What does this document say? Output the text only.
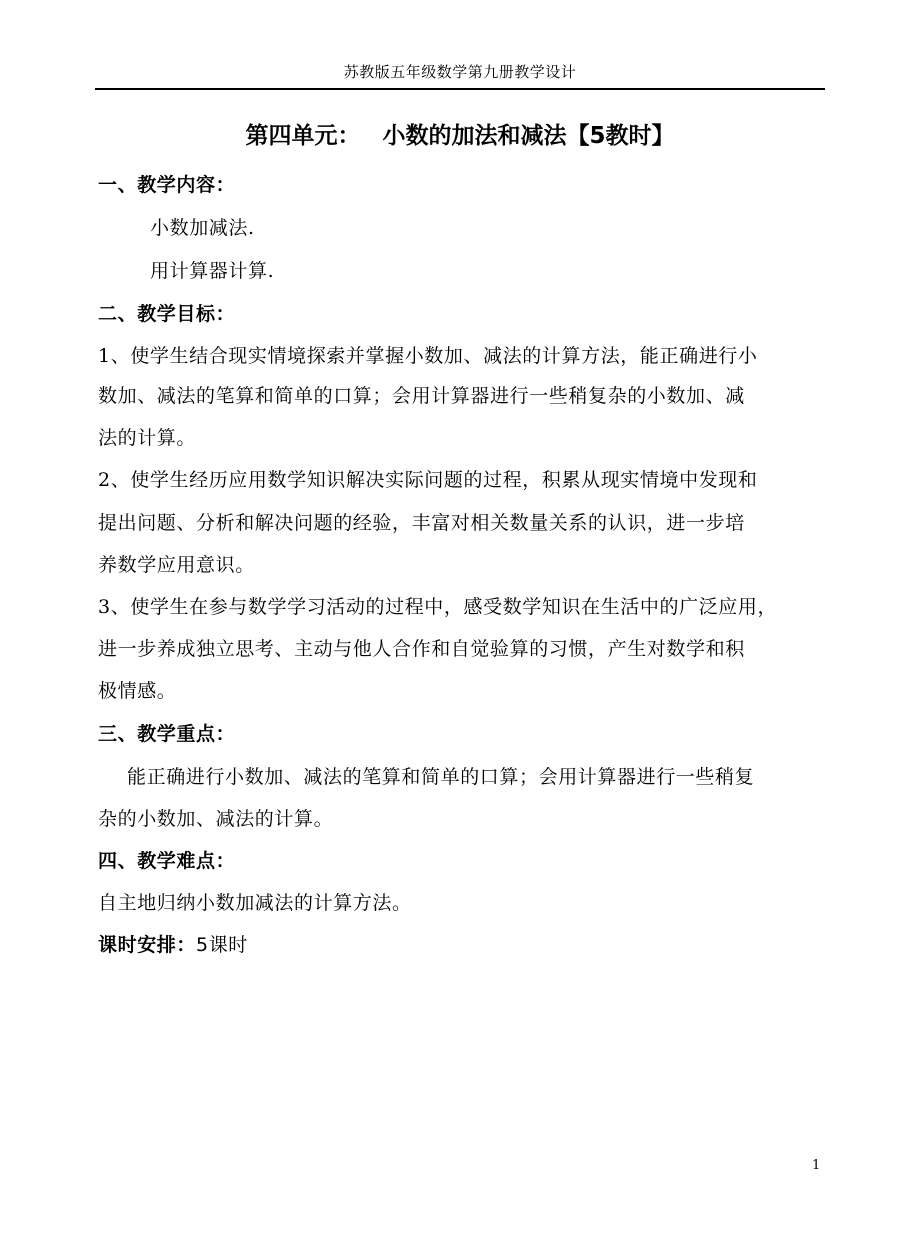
苏教版五年级数学第九册教学设计
第四单元： 小数的加法和减法【5教时】
一、教学内容：
小数加减法.
用计算器计算.
二、教学目标：
1、使学生结合现实情境探索并掌握小数加、减法的计算方法，能正确进行小
数加、减法的笔算和简单的口算；会用计算器进行一些稍复杂的小数加、减
法的计算。
2、使学生经历应用数学知识解决实际问题的过程，积累从现实情境中发现和
提出问题、分析和解决问题的经验，丰富对相关数量关系的认识，进一步培
养数学应用意识。
3、使学生在参与数学学习活动的过程中，感受数学知识在生活中的广泛应用，
进一步养成独立思考、主动与他人合作和自觉验算的习惯，产生对数学和积
极情感。
三、教学重点：
能正确进行小数加、减法的笔算和简单的口算；会用计算器进行一些稍复
杂的小数加、减法的计算。
四、教学难点：
自主地归纳小数加减法的计算方法。
课时安排：5课时
1
